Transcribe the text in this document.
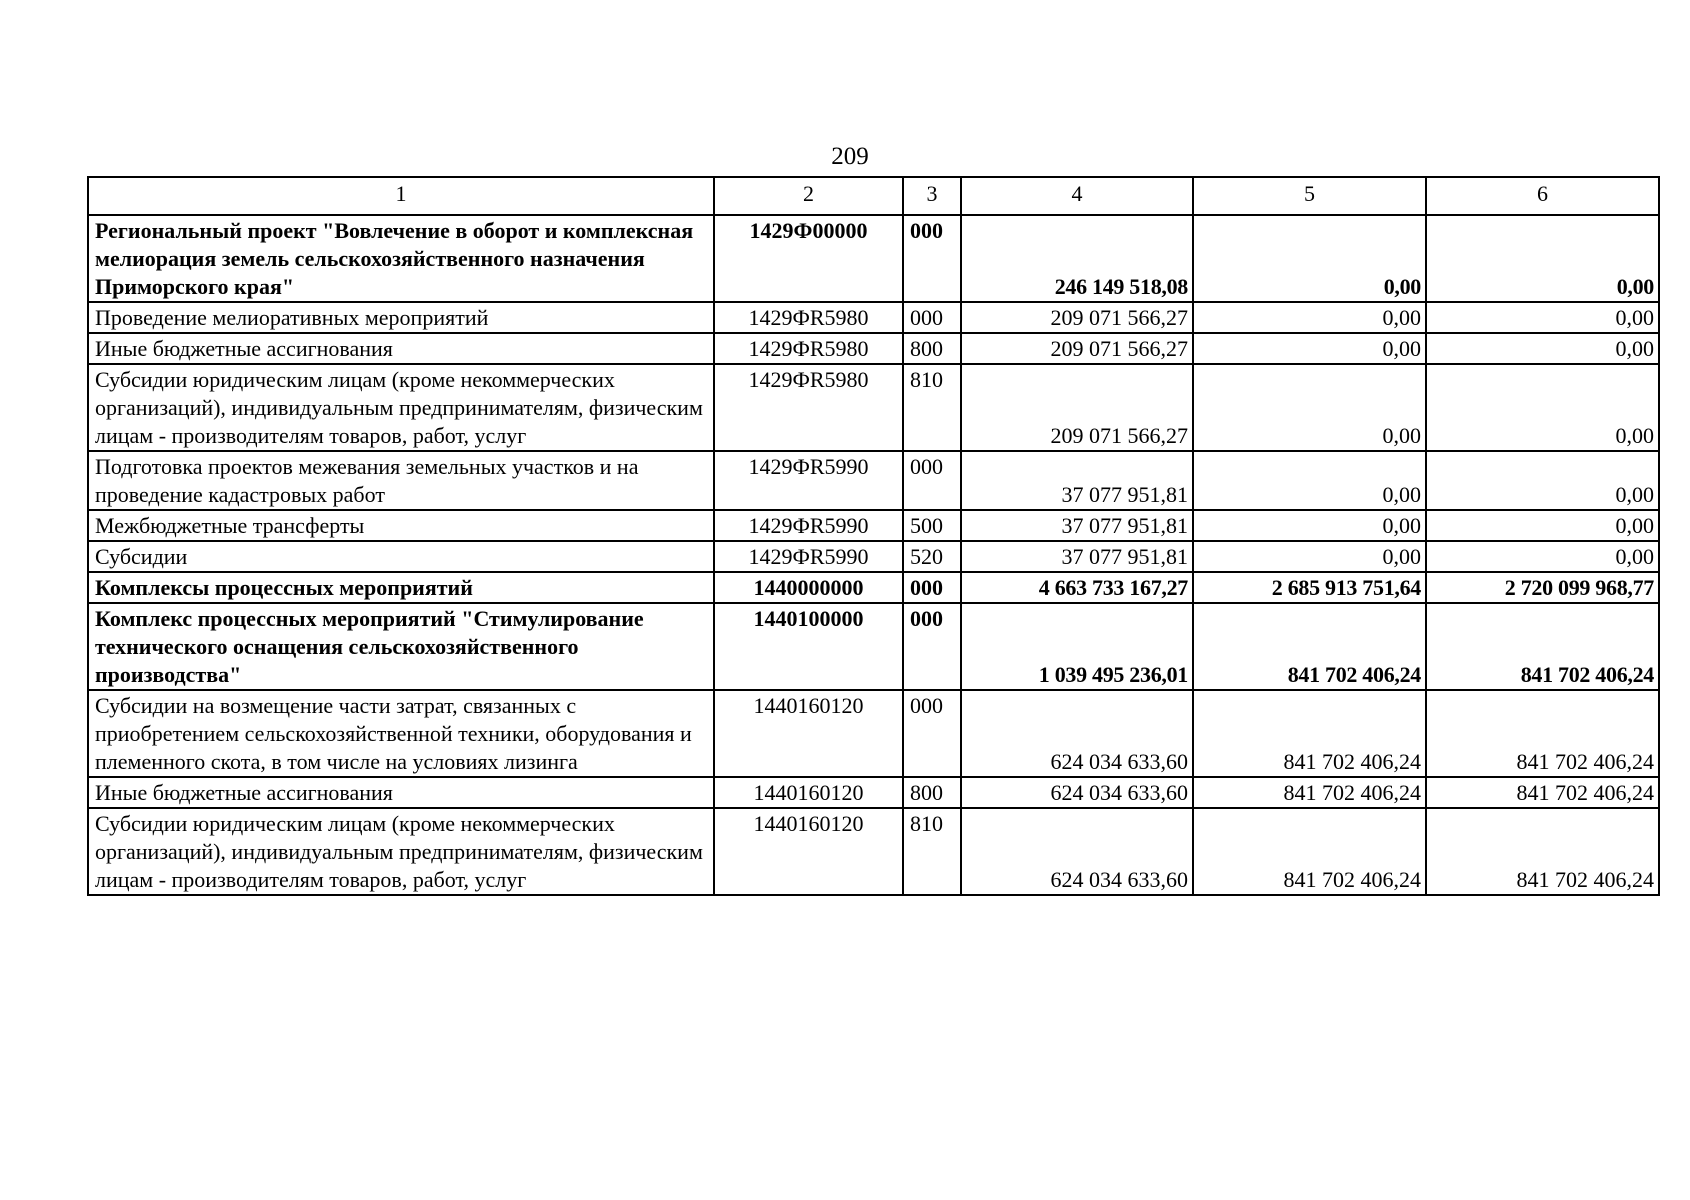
209
1	2	3	4	5	6
Региональный проект "Вовлечение в оборот и комплексная мелиорация земель сельскохозяйственного назначения Приморского края"	1429Ф00000	000	246 149 518,08	0,00	0,00
Проведение мелиоративных мероприятий	1429ФR5980	000	209 071 566,27	0,00	0,00
Иные бюджетные ассигнования	1429ФR5980	800	209 071 566,27	0,00	0,00
Субсидии юридическим лицам (кроме некоммерческих организаций), индивидуальным предпринимателям, физическим лицам - производителям товаров, работ, услуг	1429ФR5980	810	209 071 566,27	0,00	0,00
Подготовка проектов межевания земельных участков и на проведение кадастровых работ	1429ФR5990	000	37 077 951,81	0,00	0,00
Межбюджетные трансферты	1429ФR5990	500	37 077 951,81	0,00	0,00
Субсидии	1429ФR5990	520	37 077 951,81	0,00	0,00
Комплексы процессных мероприятий	1440000000	000	4 663 733 167,27	2 685 913 751,64	2 720 099 968,77
Комплекс процессных мероприятий "Стимулирование технического оснащения сельскохозяйственного производства"	1440100000	000	1 039 495 236,01	841 702 406,24	841 702 406,24
Субсидии на возмещение части затрат, связанных с приобретением сельскохозяйственной техники, оборудования и племенного скота, в том числе на условиях лизинга	1440160120	000	624 034 633,60	841 702 406,24	841 702 406,24
Иные бюджетные ассигнования	1440160120	800	624 034 633,60	841 702 406,24	841 702 406,24
Субсидии юридическим лицам (кроме некоммерческих организаций), индивидуальным предпринимателям, физическим лицам - производителям товаров, работ, услуг	1440160120	810	624 034 633,60	841 702 406,24	841 702 406,24
